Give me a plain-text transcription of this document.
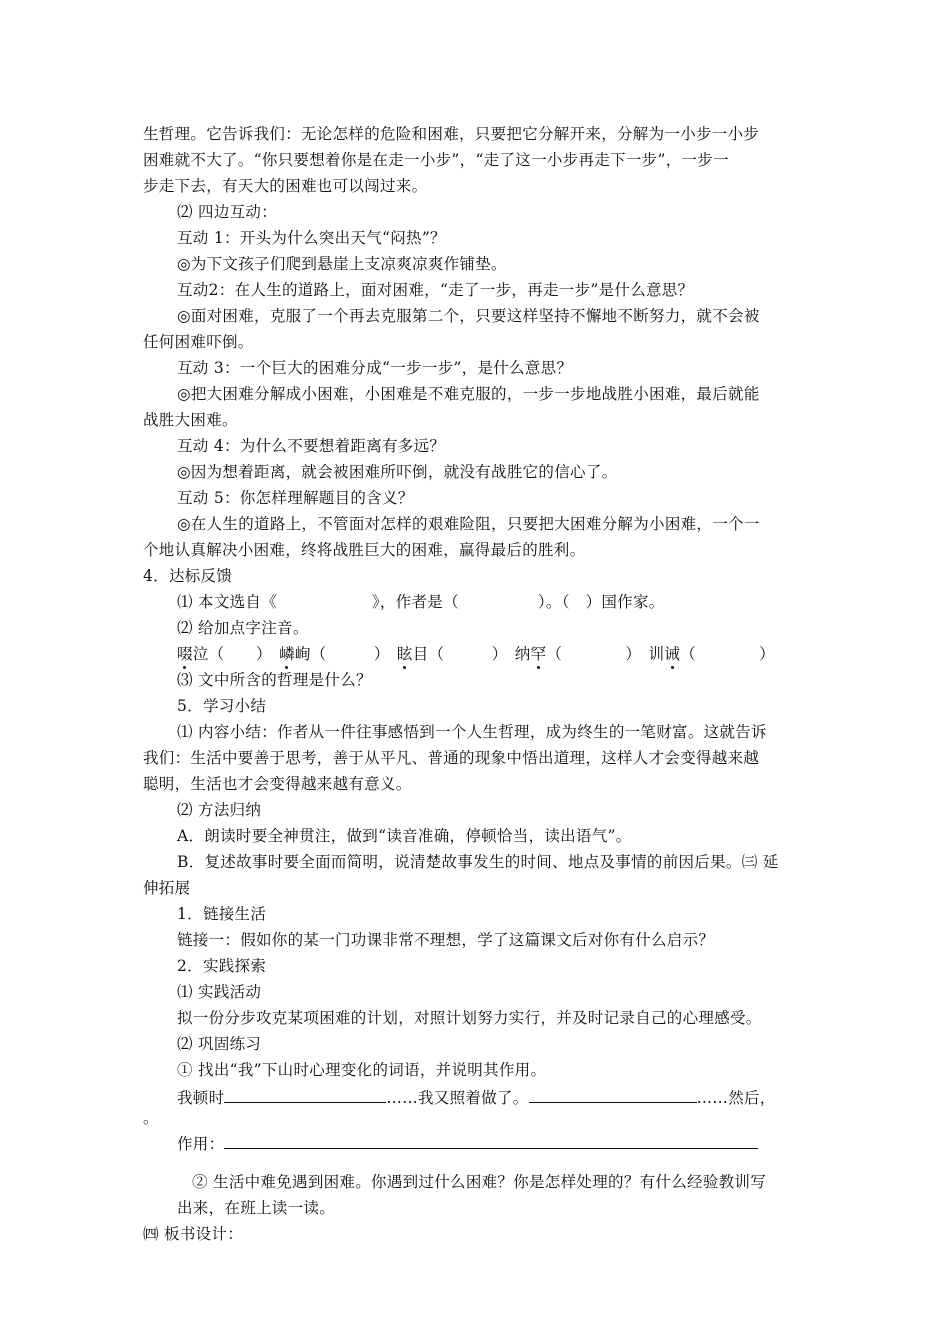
生哲理。它告诉我们：无论怎样的危险和困难，只要把它分解开来，分解为一小步一小步
困难就不大了。“你只要想着你是在走一小步”，“走了这一小步再走下一步”，一步一
步走下去，有天大的困难也可以闯过来。
⑵ 四边互动：
互动 1：开头为什么突出天气“闷热”？
◎为下文孩子们爬到悬崖上支凉爽凉爽作铺垫。
互动2：在人生的道路上，面对困难，“走了一步，再走一步”是什么意思？
◎面对困难，克服了一个再去克服第二个，只要这样坚持不懈地不断努力，就不会被
任何困难吓倒。
互动 3：一个巨大的困难分成“一步一步”，是什么意思？
◎把大困难分解成小困难，小困难是不难克服的，一步一步地战胜小困难，最后就能
战胜大困难。
互动 4：为什么不要想着距离有多远？
◎因为想着距离，就会被困难所吓倒，就没有战胜它的信心了。
互动 5：你怎样理解题目的含义？
◎在人生的道路上，不管面对怎样的艰难险阻，只要把大困难分解为小困难，一个一
个地认真解决小困难，终将战胜巨大的困难，赢得最后的胜利。
4．达标反馈
⑴ 本文选自《　　　　　　》，作者是（　　　　　）。（　）国作家。
⑵ 给加点字注音。
啜泣（　　） 嶙峋（　　　） 眩目（　　　） 纳罕（　　　　） 训诫（　　　　）
⑶ 文中所含的哲理是什么？
5．学习小结
⑴ 内容小结：作者从一件往事感悟到一个人生哲理，成为终生的一笔财富。这就告诉
我们：生活中要善于思考，善于从平凡、普通的现象中悟出道理，这样人才会变得越来越
聪明，生活也才会变得越来越有意义。
⑵ 方法归纳
A．朗读时要全神贯注，做到“读音准确，停顿恰当，读出语气”。
B．复述故事时要全面而简明，说清楚故事发生的时间、地点及事情的前因后果。㈢ 延
伸拓展
1．链接生活
链接一：假如你的某一门功课非常不理想，学了这篇课文后对你有什么启示？
2．实践探索
⑴ 实践活动
拟一份分步攻克某项困难的计划，对照计划努力实行，并及时记录自己的心理感受。
⑵ 巩固练习
① 找出“我”下山时心理变化的词语，并说明其作用。
我顿时	……我又照着做了。	……然后，
。
作用：
② 生活中难免遇到困难。你遇到过什么困难？你是怎样处理的？有什么经验教训写
出来，在班上读一读。
㈣ 板书设计：
